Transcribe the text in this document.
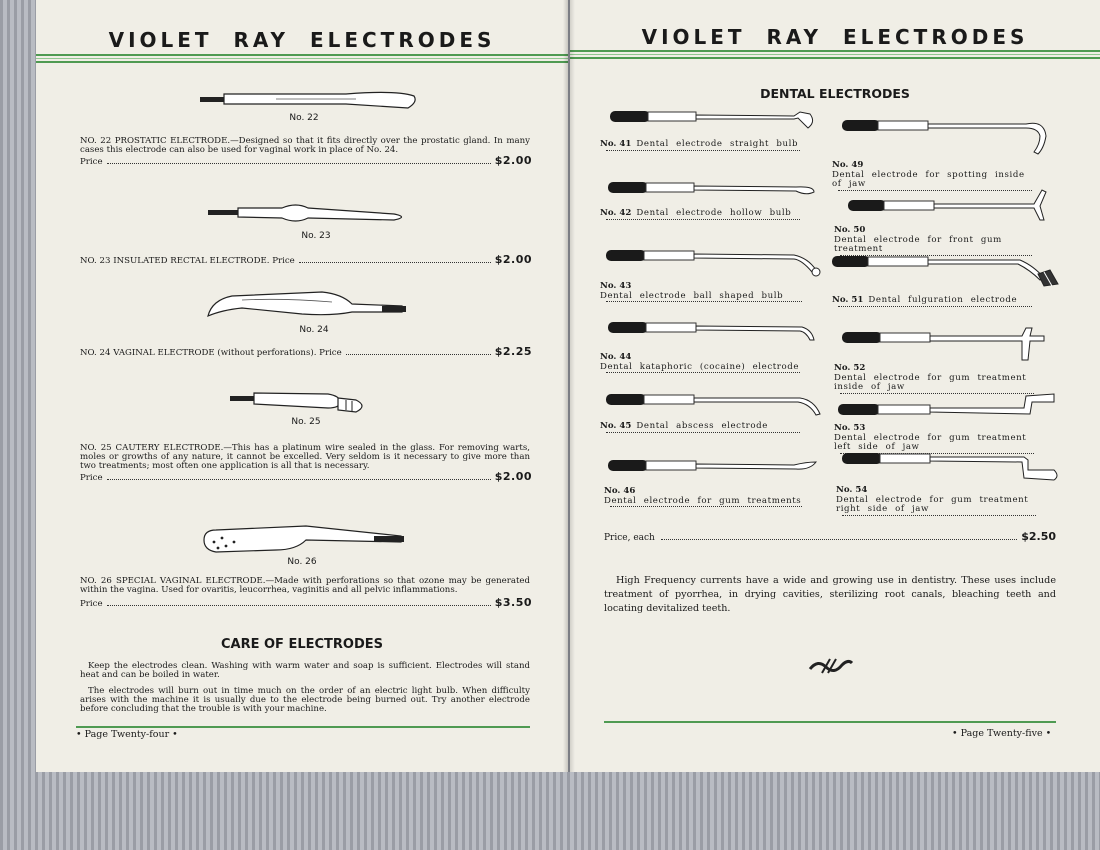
VIOLET RAY ELECTRODES
No. 22
NO. 22 PROSTATIC ELECTRODE.—Designed so that it fits directly over the prostatic gland. In many cases this electrode can also be used for vaginal work in place of No. 24.
Price	$2.00
No. 23
NO. 23 INSULATED RECTAL ELECTRODE. Price	$2.00
No. 24
NO. 24 VAGINAL ELECTRODE (without perforations). Price	$2.25
No. 25
NO. 25 CAUTERY ELECTRODE.—This has a platinum wire sealed in the glass. For removing warts, moles or growths of any nature, it cannot be excelled. Very seldom is it necessary to give more than two treatments; most often one application is all that is necessary.
Price	$2.00
No. 26
NO. 26 SPECIAL VAGINAL ELECTRODE.—Made with perforations so that ozone may be generated within the vagina. Used for ovaritis, leucorrhea, vaginitis and all pelvic inflammations.
Price	$3.50
CARE OF ELECTRODES
Keep the electrodes clean. Washing with warm water and soap is sufficient. Electrodes will stand heat and can be boiled in water.
The electrodes will burn out in time much on the order of an electric light bulb. When difficulty arises with the machine it is usually due to the electrode being burned out. Try another electrode before concluding that the trouble is with your machine.
• Page Twenty-four •
VIOLET RAY ELECTRODES
DENTAL ELECTRODES
No. 41 Dental electrode straight bulb
No. 42 Dental electrode hollow bulb
No. 43
Dental electrode ball shaped bulb
No. 44
Dental kataphoric (cocaine) electrode
No. 45 Dental abscess electrode
No. 46
Dental electrode for gum treatments
No. 49
Dental electrode for spotting inside of jaw
No. 50
Dental electrode for front gum treatment
No. 51 Dental fulguration electrode
No. 52
Dental electrode for gum treatment inside of jaw
No. 53
Dental electrode for gum treatment left side of jaw
No. 54
Dental electrode for gum treatment right side of jaw
Price, each	$2.50
High Frequency currents have a wide and growing use in dentistry. These uses include treatment of pyorrhea, in drying cavities, sterilizing root canals, bleaching teeth and locating devitalized teeth.
• Page Twenty-five •
